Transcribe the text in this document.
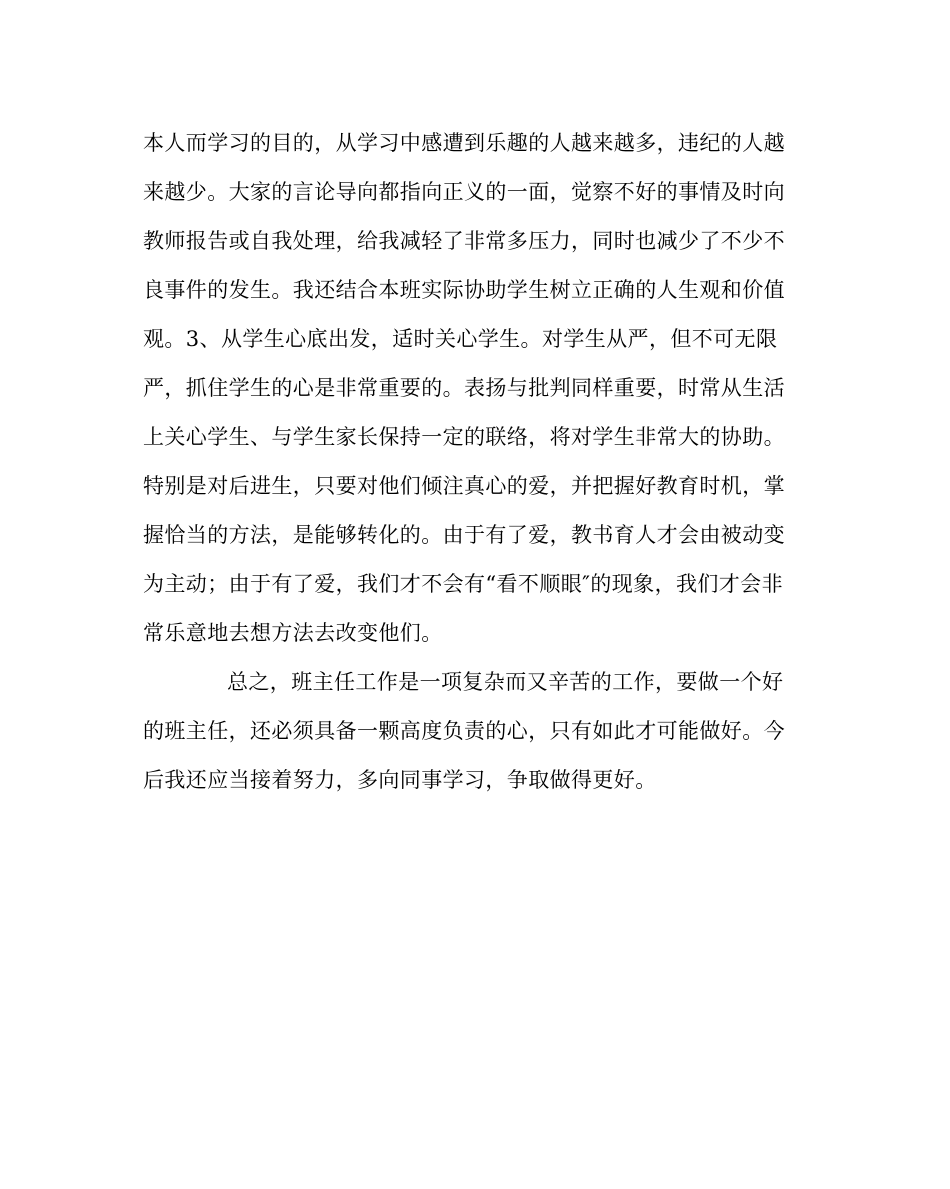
本人而学习的目的，从学习中感遭到乐趣的人越来越多，违纪的人越
来越少。大家的言论导向都指向正义的一面，觉察不好的事情及时向
教师报告或自我处理，给我减轻了非常多压力，同时也减少了不少不
良事件的发生。我还结合本班实际协助学生树立正确的人生观和价值
观。3、从学生心底出发，适时关心学生。对学生从严，但不可无限
严，抓住学生的心是非常重要的。表扬与批判同样重要，时常从生活
上关心学生、与学生家长保持一定的联络，将对学生非常大的协助。
特别是对后进生，只要对他们倾注真心的爱，并把握好教育时机，掌
握恰当的方法，是能够转化的。由于有了爱，教书育人才会由被动变
为主动；由于有了爱，我们才不会有“看不顺眼″的现象，我们才会非
常乐意地去想方法去改变他们。
总之，班主任工作是一项复杂而又辛苦的工作，要做一个好
的班主任，还必须具备一颗高度负责的心，只有如此才可能做好。今
后我还应当接着努力，多向同事学习，争取做得更好。
